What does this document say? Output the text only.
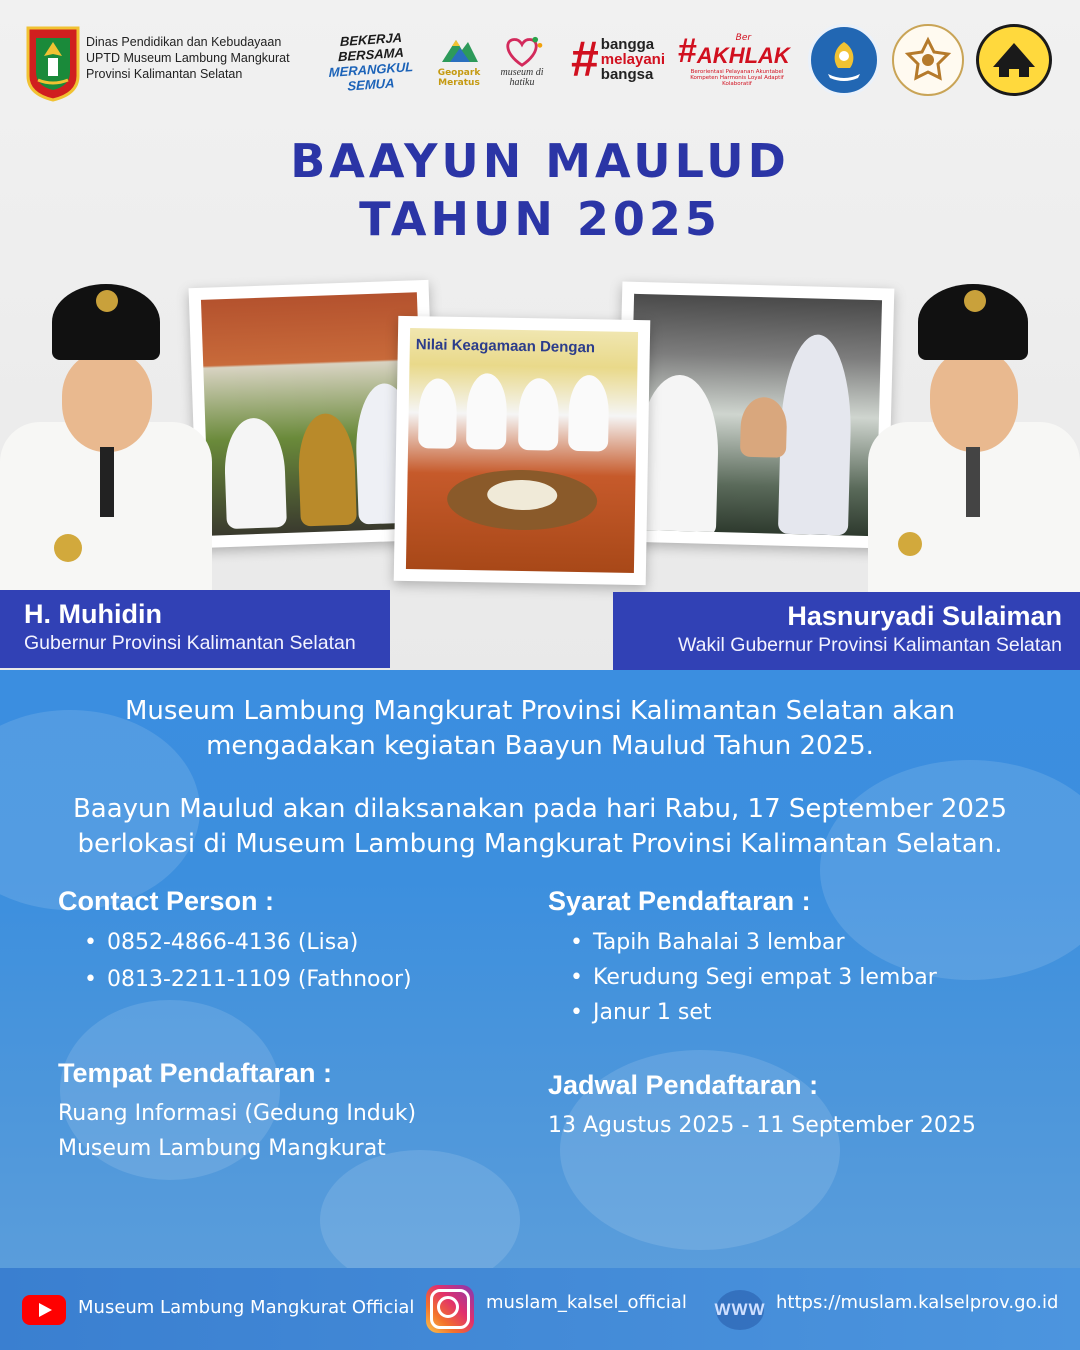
Dinas Pendidikan dan Kebudayaan
UPTD Museum Lambung Mangkurat
Provinsi Kalimantan Selatan
BEKERJA BERSAMA
MERANGKUL SEMUA
Geopark Meratus
museum di hatiku # bangga
melayani
bangsa
#	Ber
AKHLAK
Berorientasi Pelayanan Akuntabel Kompeten Harmonis Loyal Adaptif Kolaboratif
BAAYUN MAULUD
TAHUN 2025
Nilai Keagamaan Dengan
H. Muhidin
Gubernur Provinsi Kalimantan Selatan
Hasnuryadi Sulaiman
Wakil Gubernur Provinsi Kalimantan Selatan
Museum Lambung Mangkurat Provinsi Kalimantan Selatan akan
mengadakan kegiatan Baayun Maulud Tahun 2025.
Baayun Maulud akan dilaksanakan pada hari Rabu, 17 September 2025
berlokasi di Museum Lambung Mangkurat Provinsi Kalimantan Selatan.
Contact Person :
• 0852-4866-4136 (Lisa)
• 0813-2211-1109 (Fathnoor)
Syarat Pendaftaran :
• Tapih Bahalai 3 lembar
• Kerudung Segi empat 3 lembar
• Janur 1 set
Tempat Pendaftaran :
Ruang Informasi (Gedung Induk)
Museum Lambung Mangkurat
Jadwal Pendaftaran :
13 Agustus 2025 - 11 September 2025
Museum Lambung Mangkurat Official	muslam_kalsel_official WWW https://muslam.kalselprov.go.id
